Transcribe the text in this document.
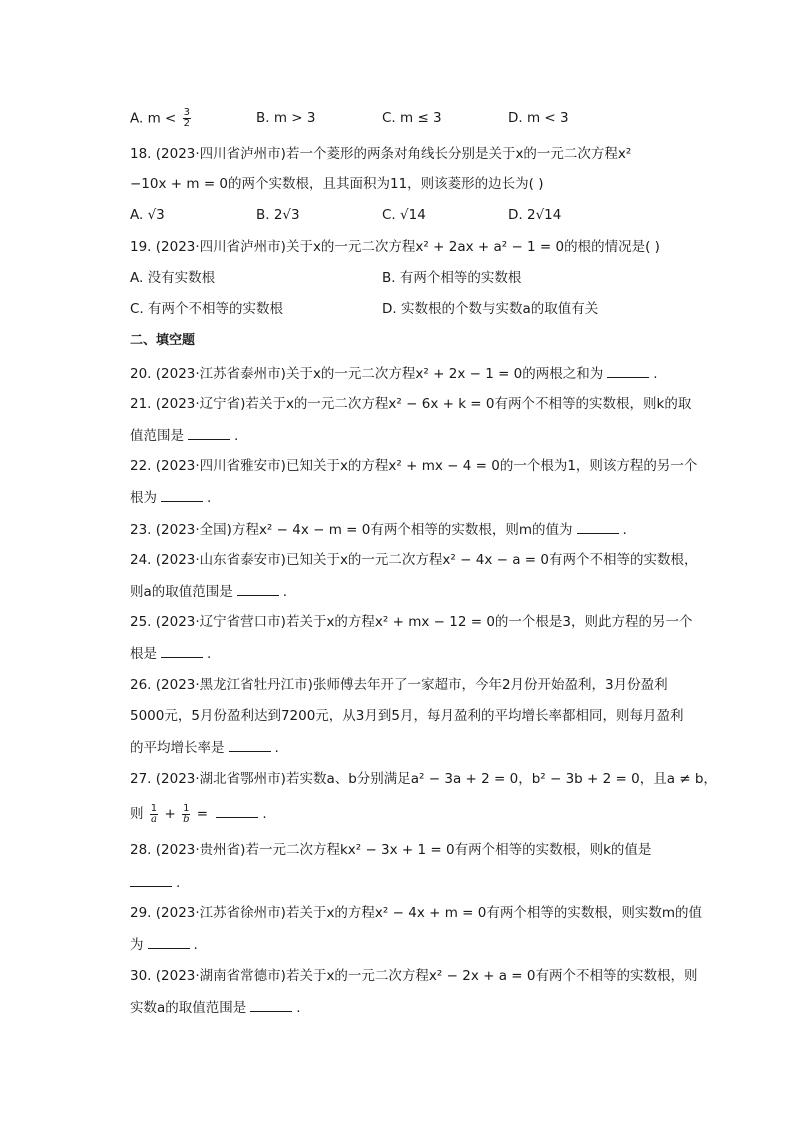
A. $m < \frac{3}{2}$	B. m > 3	C. m ≤ 3	D. m < 3
18. (2023·四川省泸州市)若一个菱形的两条对角线长分别是关于x的一元二次方程x²
−10x + m = 0的两个实数根，且其面积为11，则该菱形的边长为( )
A. √3	B. 2√3	C. √14	D. 2√14
19. (2023·四川省泸州市)关于x的一元二次方程x² + 2ax + a² − 1 = 0的根的情况是( )
A. 没有实数根	B. 有两个相等的实数根
C. 有两个不相等的实数根	D. 实数根的个数与实数a的取值有关
二、填空题
20. (2023·江苏省泰州市)关于x的一元二次方程x² + 2x − 1 = 0的两根之和为	.
21. (2023·辽宁省)若关于x的一元二次方程x² − 6x + k = 0有两个不相等的实数根，则k的取
值范围是	.
22. (2023·四川省雅安市)已知关于x的方程x² + mx − 4 = 0的一个根为1，则该方程的另一个
根为	.
23. (2023·全国)方程x² − 4x − m = 0有两个相等的实数根，则m的值为	.
24. (2023·山东省泰安市)已知关于x的一元二次方程x² − 4x − a = 0有两个不相等的实数根，
则a的取值范围是	.
25. (2023·辽宁省营口市)若关于x的方程x² + mx − 12 = 0的一个根是3，则此方程的另一个
根是	.
26. (2023·黑龙江省牡丹江市)张师傅去年开了一家超市，今年2月份开始盈利，3月份盈利
5000元，5月份盈利达到7200元，从3月到5月，每月盈利的平均增长率都相同，则每月盈利
的平均增长率是	.
27. (2023·湖北省鄂州市)若实数a、b分别满足a² − 3a + 2 = 0，b² − 3b + 2 = 0，且a ≠ b，
则 $\frac{1}{a} + \frac{1}{b}$ =	.
28. (2023·贵州省)若一元二次方程kx² − 3x + 1 = 0有两个相等的实数根，则k的值是
.
29. (2023·江苏省徐州市)若关于x的方程x² − 4x + m = 0有两个相等的实数根，则实数m的值
为	.
30. (2023·湖南省常德市)若关于x的一元二次方程x² − 2x + a = 0有两个不相等的实数根，则
实数a的取值范围是	.
